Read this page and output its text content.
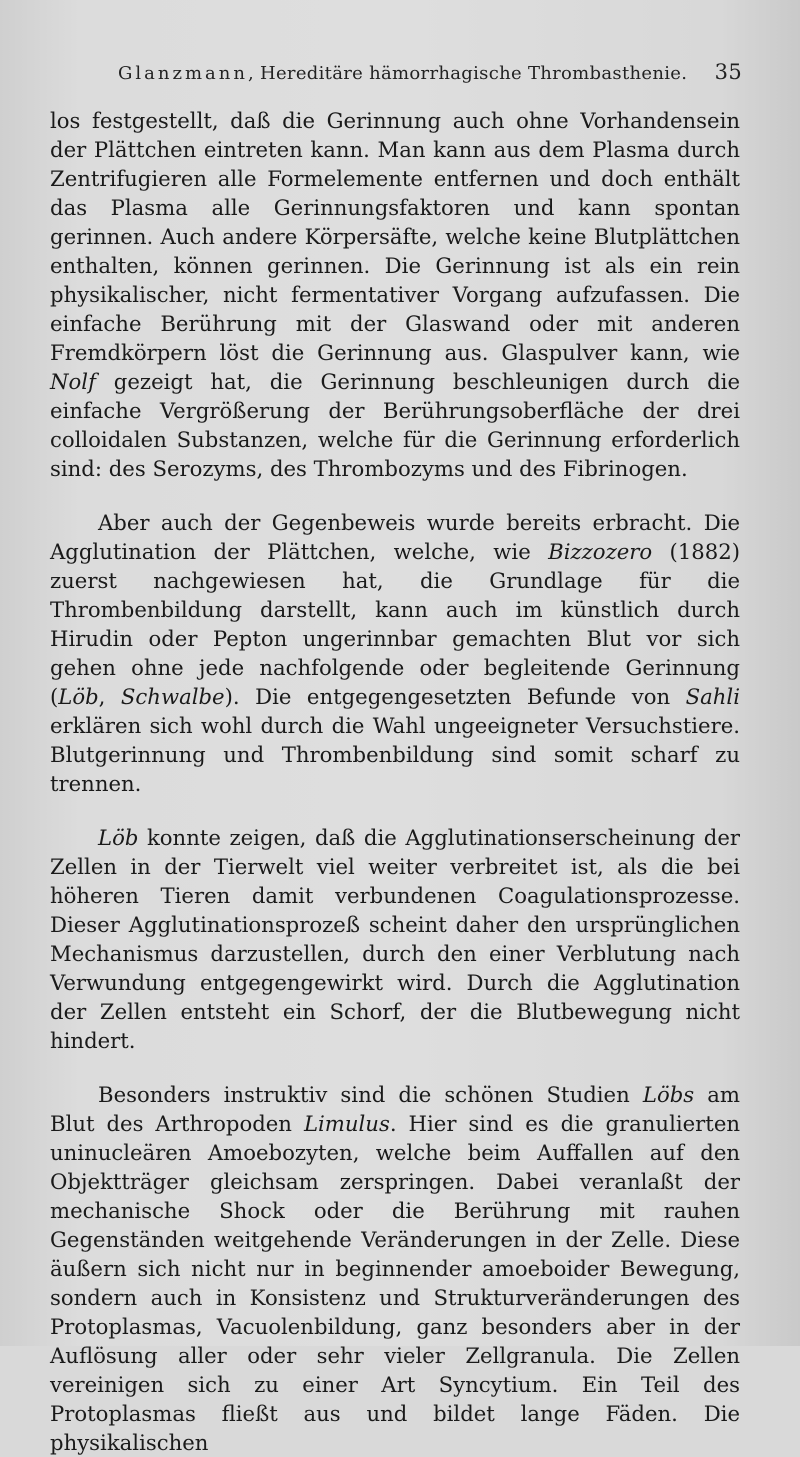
Glanzmann, Hereditäre hämorrhagische Thrombasthenie. 35

los festgestellt, daß die Gerinnung auch ohne Vorhandensein der Plättchen eintreten kann. Man kann aus dem Plasma durch Zentrifugieren alle Formelemente entfernen und doch enthält das Plasma alle Gerinnungsfaktoren und kann spontan gerinnen. Auch andere Körpersäfte, welche keine Blutplättchen enthalten, können gerinnen. Die Gerinnung ist als ein rein physikalischer, nicht fermentativer Vorgang aufzufassen. Die einfache Berührung mit der Glaswand oder mit anderen Fremdkörpern löst die Gerinnung aus. Glaspulver kann, wie Nolf gezeigt hat, die Gerinnung beschleunigen durch die einfache Vergrößerung der Berührungsoberfläche der drei colloidalen Substanzen, welche für die Gerinnung erforderlich sind: des Serozyms, des Thrombozyms und des Fibrinogen.

Aber auch der Gegenbeweis wurde bereits erbracht. Die Agglutination der Plättchen, welche, wie Bizzozero (1882) zuerst nachgewiesen hat, die Grundlage für die Thrombenbildung darstellt, kann auch im künstlich durch Hirudin oder Pepton ungerinnbar gemachten Blut vor sich gehen ohne jede nachfolgende oder begleitende Gerinnung (Löb, Schwalbe). Die entgegengesetzten Befunde von Sahli erklären sich wohl durch die Wahl ungeeigneter Versuchstiere. Blutgerinnung und Thrombenbildung sind somit scharf zu trennen.

Löb konnte zeigen, daß die Agglutinationserscheinung der Zellen in der Tierwelt viel weiter verbreitet ist, als die bei höheren Tieren damit verbundenen Coagulationsprozesse. Dieser Agglutinationsprozeß scheint daher den ursprünglichen Mechanismus darzustellen, durch den einer Verblutung nach Verwundung entgegengewirkt wird. Durch die Agglutination der Zellen entsteht ein Schorf, der die Blutbewegung nicht hindert.

Besonders instruktiv sind die schönen Studien Löbs am Blut des Arthropoden Limulus. Hier sind es die granulierten uninucleären Amoebozyten, welche beim Auffallen auf den Objektträger gleichsam zerspringen. Dabei veranlaßt der mechanische Shock oder die Berührung mit rauhen Gegenständen weitgehende Veränderungen in der Zelle. Diese äußern sich nicht nur in beginnender amoeboider Bewegung, sondern auch in Konsistenz und Strukturveränderungen des Protoplasmas, Vacuolenbildung, ganz besonders aber in der Auflösung aller oder sehr vieler Zellgranula. Die Zellen vereinigen sich zu einer Art Syncytium. Ein Teil des Protoplasmas fließt aus und bildet lange Fäden. Die physikalischen
